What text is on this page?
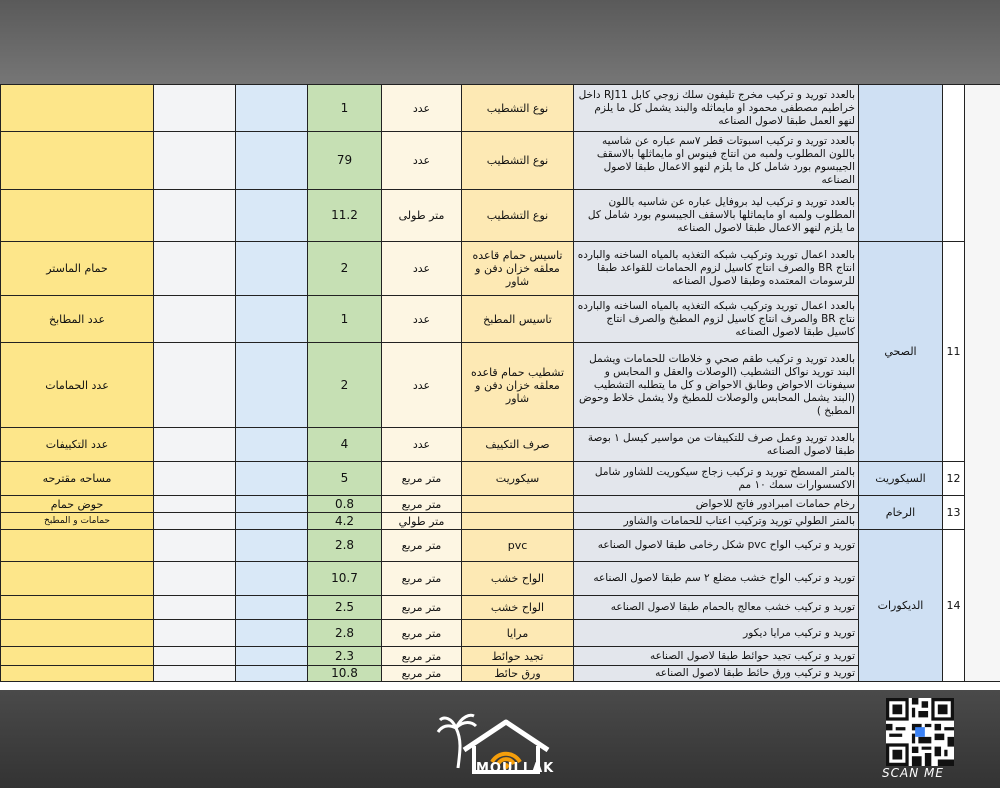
			1	عدد	نوع التشطيب	بالعدد توريد و تركيب مخرج تليفون سلك زوجي كابل RJ11 داخل خراطيم مصطفى محمود او مايماثله والبند يشمل كل ما يلزم لنهو العمل طبقا لاصول الصناعه			
			79	عدد	نوع التشطيب	بالعدد توريد و تركيب اسبوتات قطر ٧سم عباره عن شاسيه باللون المطلوب ولمبه من انتاج فينوس او مايماثلها بالاسقف الجيبسوم بورد شامل كل ما يلزم لنهو الاعمال طبقا لاصول الصناعه			
			11.2	متر طولى	نوع التشطيب	بالعدد توريد و تركيب ليد بروفايل عباره عن شاسيه باللون المطلوب ولمبه او مايماثلها بالاسقف الجيبسوم بورد شامل كل ما يلزم لنهو الاعمال طبقا لاصول الصناعه			
حمام الماستر			2	عدد	تاسيس حمام قاعده معلقه خزان دفن و شاور	بالعدد اعمال توريد وتركيب شبكه التغذيه بالمياه الساخنه والبارده انتاج BR والصرف انتاج كاسيل لزوم الحمامات للقواعد طبقا للرسومات المعتمده وطبقا لاصول الصناعه	الصحي	11	
عدد المطابخ			1	عدد	تاسيس المطبخ	بالعدد اعمال توريد وتركيب شبكه التغذيه بالمياه الساخنه والبارده نتاج BR والصرف انتاج كاسيل لزوم المطبخ والصرف انتاج كاسيل طبقا لاصول الصناعه			
عدد الحمامات			2	عدد	تشطيب حمام قاعده معلقه خزان دفن و شاور	بالعدد توريد و تركيب طقم صحي و خلاطات للحمامات ويشمل البند توريد نواكل التشطيب (الوصلات والعقل و المحابس و سيفونات الاحواض وطابق الاحواض و كل ما يتطلبه التشطيب (البند يشمل المحابس والوصلات للمطبخ ولا يشمل خلاط وحوض المطبخ )			
عدد التكييفات			4	عدد	صرف التكييف	بالعدد توريد وعمل صرف للتكييفات من مواسير كيسل ١ بوصة طبقا لاصول الصناعه			
مساحه مقترحه			5	متر مربع	سيكوريت	بالمتر المسطح توريد و تركيب زجاج سيكوريت للشاور شامل الاكسسوارات سمك ١٠ مم	السيكوريت	12	
حوض حمام			0.8	متر مربع		رخام حمامات امبرادور فاتح للاحواض	الرخام	13	
حمامات و المطبخ			4.2	متر طولي		بالمتر الطولي توريد وتركيب اعتاب للحمامات والشاور			
			2.8	متر مربع	pvc	توريد و تركيب الواح pvc شكل رخامى طبقا لاصول الصناعه	الديكورات	14	
			10.7	متر مربع	الواح خشب	توريد و تركيب الواح خشب مضلع ٢ سم طبقا لاصول الصناعه			
			2.5	متر مربع	الواح خشب	توريد و تركيب خشب معالج بالحمام طبقا لاصول الصناعه			
			2.8	متر مربع	مرايا	توريد و تركيب مرايا ديكور			
			2.3	متر مربع	تجيد حوائط	توريد و تركيب تجيد حوائط طبقا لاصول الصناعه			
			10.8	متر مربع	ورق حائط	توريد و تركيب ورق حائط طبقا لاصول الصناعه			
MOULLAK	SCAN ME
